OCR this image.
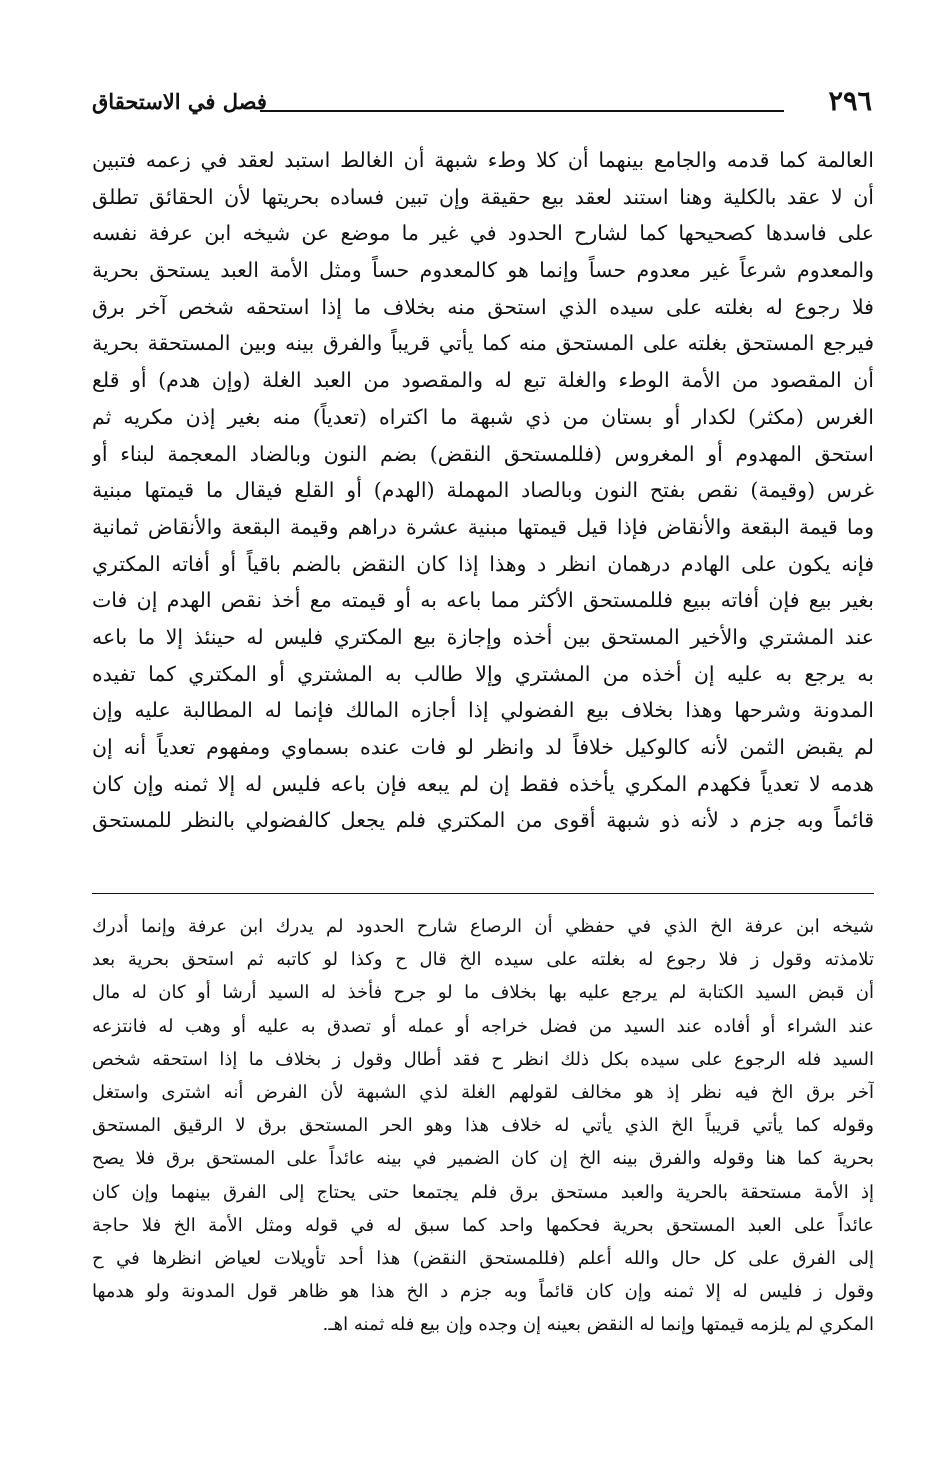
٢٩٦
فصل في الاستحقاق
العالمة كما قدمه والجامع بينهما أن كلا وطء شبهة أن الغالط استبد لعقد في زعمه فتبين
أن لا عقد بالكلية وهنا استند لعقد بيع حقيقة وإن تبين فساده بحريتها لأن الحقائق تطلق
على فاسدها كصحيحها كما لشارح الحدود في غير ما موضع عن شيخه ابن عرفة نفسه
والمعدوم شرعاً غير معدوم حساً وإنما هو كالمعدوم حساً ومثل الأمة العبد يستحق بحرية
فلا رجوع له بغلته على سيده الذي استحق منه بخلاف ما إذا استحقه شخص آخر برق
فيرجع المستحق بغلته على المستحق منه كما يأتي قريباً والفرق بينه وبين المستحقة بحرية
أن المقصود من الأمة الوطء والغلة تبع له والمقصود من العبد الغلة (وإن هدم) أو قلع
الغرس (مكثر) لكدار أو بستان من ذي شبهة ما اكتراه (تعدياً) منه بغير إذن مكريه ثم
استحق المهدوم أو المغروس (فللمستحق النقض) بضم النون وبالضاد المعجمة لبناء أو
غرس (وقيمة) نقص بفتح النون وبالصاد المهملة (الهدم) أو القلع فيقال ما قيمتها مبنية
وما قيمة البقعة والأنقاض فإذا قيل قيمتها مبنية عشرة دراهم وقيمة البقعة والأنقاض ثمانية
فإنه يكون على الهادم درهمان انظر د وهذا إذا كان النقض بالضم باقياً أو أفاته المكتري
بغير بيع فإن أفاته ببيع فللمستحق الأكثر مما باعه به أو قيمته مع أخذ نقص الهدم إن فات
عند المشتري والأخير المستحق بين أخذه وإجازة بيع المكتري فليس له حينئذ إلا ما باعه
به يرجع به عليه إن أخذه من المشتري وإلا طالب به المشتري أو المكتري كما تفيده
المدونة وشرحها وهذا بخلاف بيع الفضولي إذا أجازه المالك فإنما له المطالبة عليه وإن
لم يقبض الثمن لأنه كالوكيل خلافاً لد وانظر لو فات عنده بسماوي ومفهوم تعدياً أنه إن
هدمه لا تعدياً فكهدم المكري يأخذه فقط إن لم يبعه فإن باعه فليس له إلا ثمنه وإن كان
قائماً وبه جزم د لأنه ذو شبهة أقوى من المكتري فلم يجعل كالفضولي بالنظر للمستحق
شيخه ابن عرفة الخ الذي في حفظي أن الرصاع شارح الحدود لم يدرك ابن عرفة وإنما أدرك
تلامذته وقول ز فلا رجوع له بغلته على سيده الخ قال ح وكذا لو كاتبه ثم استحق بحرية بعد
أن قبض السيد الكتابة لم يرجع عليه بها بخلاف ما لو جرح فأخذ له السيد أرشا أو كان له مال
عند الشراء أو أفاده عند السيد من فضل خراجه أو عمله أو تصدق به عليه أو وهب له فانتزعه
السيد فله الرجوع على سيده بكل ذلك انظر ح فقد أطال وقول ز بخلاف ما إذا استحقه شخص
آخر برق الخ فيه نظر إذ هو مخالف لقولهم الغلة لذي الشبهة لأن الفرض أنه اشترى واستغل
وقوله كما يأتي قريباً الخ الذي يأتي له خلاف هذا وهو الحر المستحق برق لا الرقيق المستحق
بحرية كما هنا وقوله والفرق بينه الخ إن كان الضمير في بينه عائداً على المستحق برق فلا يصح
إذ الأمة مستحقة بالحرية والعبد مستحق برق فلم يجتمعا حتى يحتاج إلى الفرق بينهما وإن كان
عائداً على العبد المستحق بحرية فحكمها واحد كما سبق له في قوله ومثل الأمة الخ فلا حاجة
إلى الفرق على كل حال والله أعلم (فللمستحق النقض) هذا أحد تأويلات لعياض انظرها في ح
وقول ز فليس له إلا ثمنه وإن كان قائماً وبه جزم د الخ هذا هو ظاهر قول المدونة ولو هدمها
المكري لم يلزمه قيمتها وإنما له النقض بعينه إن وجده وإن بيع فله ثمنه اهـ.
